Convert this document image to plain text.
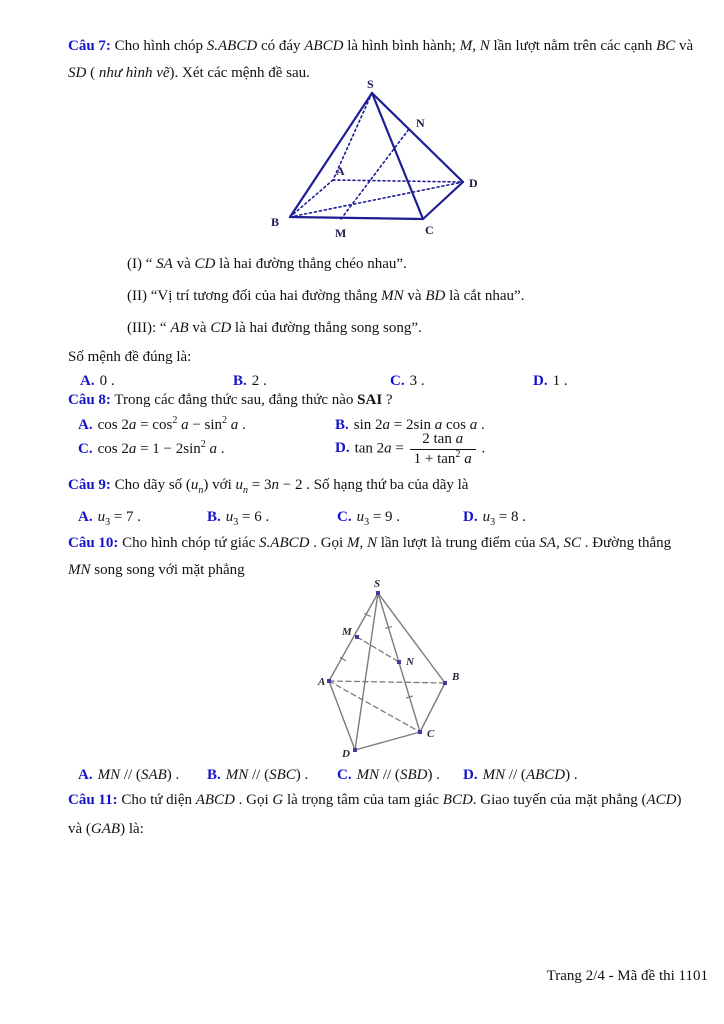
Câu 7: Cho hình chóp S.ABCD có đáy ABCD là hình bình hành; M, N lần lượt nằm trên các cạnh BC và SD ( như hình vẽ). Xét các mệnh đề sau.
S
N
A
D
B
M	C
(I) “ SA và CD là hai đường thẳng chéo nhau”.
(II) “Vị trí tương đối của hai đường thẳng MN và BD là cắt nhau”.
(III): “ AB và CD là hai đường thẳng song song”.
Số mệnh đề đúng là:
A. 0 .	B. 2 .	C. 3 .	D. 1 .
Câu 8: Trong các đẳng thức sau, đẳng thức nào SAI ?
A. $\cos 2a = \cos^2 a - \sin^2 a$ .	B. sin 2a = 2sin a cos a .
C. $\cos 2a = 1 - 2\sin^2$ a .	D. $\tan 2a = \frac{\text{2 tan a}}{1 + \tan^2 a}$ .
Câu 9: Cho dãy số $(u_n)$ với $u_n = 3n - 2$ . Số hạng thứ ba của dãy là
A. $u_3 = 7$ .	B. $u_3 = 6$ .	C. $u_3 = 9$ .	D. $u_3 = 8$ .
Câu 10: Cho hình chóp tứ giác S.ABCD . Gọi M, N lần lượt là trung điểm của SA, SC . Đường thẳng MN song song với mặt phẳng
S
M
N
A	B
C
D
A. MN // (SAB) .	B. MN // (SBC) .	C. MN // (SBD) .	D. MN // (ABCD) .
Câu 11: Cho tứ diện ABCD . Gọi G là trọng tâm của tam giác BCD. Giao tuyến của mặt phẳng (ACD) và (GAB) là:
Trang 2/4 - Mã đề thi 1101
